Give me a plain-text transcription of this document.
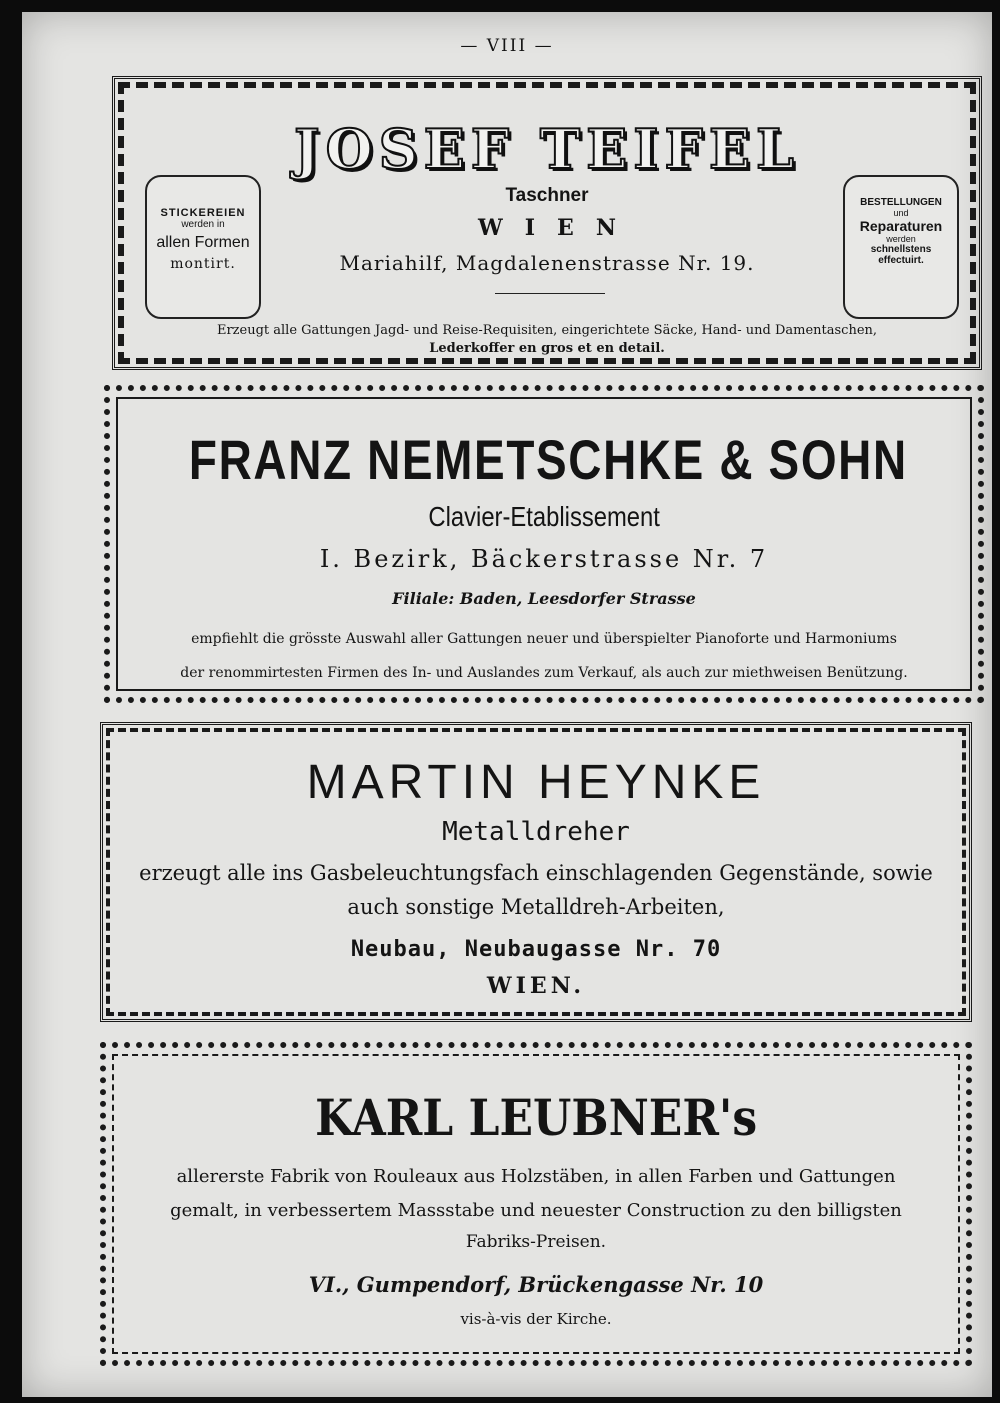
— VIII —
JOSEF TEIFEL
Taschner
WIEN
Mariahilf, Magdalenenstrasse Nr. 19.
STICKEREIEN
werden in
allen Formen
montirt.
BESTELLUNGEN
und
Reparaturen
werden
schnellstens
effectuirt.
Erzeugt alle Gattungen Jagd- und Reise-Requisiten, eingerichtete Säcke, Hand- und Damentaschen,
Lederkoffer en gros et en detail.
FRANZ NEMETSCHKE & SOHN
Clavier-Etablissement
I. Bezirk, Bäckerstrasse Nr. 7
Filiale: Baden, Leesdorfer Strasse
empfiehlt die grösste Auswahl aller Gattungen neuer und überspielter Pianoforte und Harmoniums
der renommirtesten Firmen des In- und Auslandes zum Verkauf, als auch zur miethweisen Benützung.
MARTIN HEYNKE
Metalldreher
erzeugt alle ins Gasbeleuchtungsfach einschlagenden Gegenstände, sowie
auch sonstige Metalldreh-Arbeiten,
Neubau, Neubaugasse Nr. 70
WIEN.
KARL LEUBNER's
allererste Fabrik von Rouleaux aus Holzstäben, in allen Farben und Gattungen
gemalt, in verbessertem Massstabe und neuester Construction zu den billigsten
Fabriks-Preisen.
VI., Gumpendorf, Brückengasse Nr. 10
vis-à-vis der Kirche.
